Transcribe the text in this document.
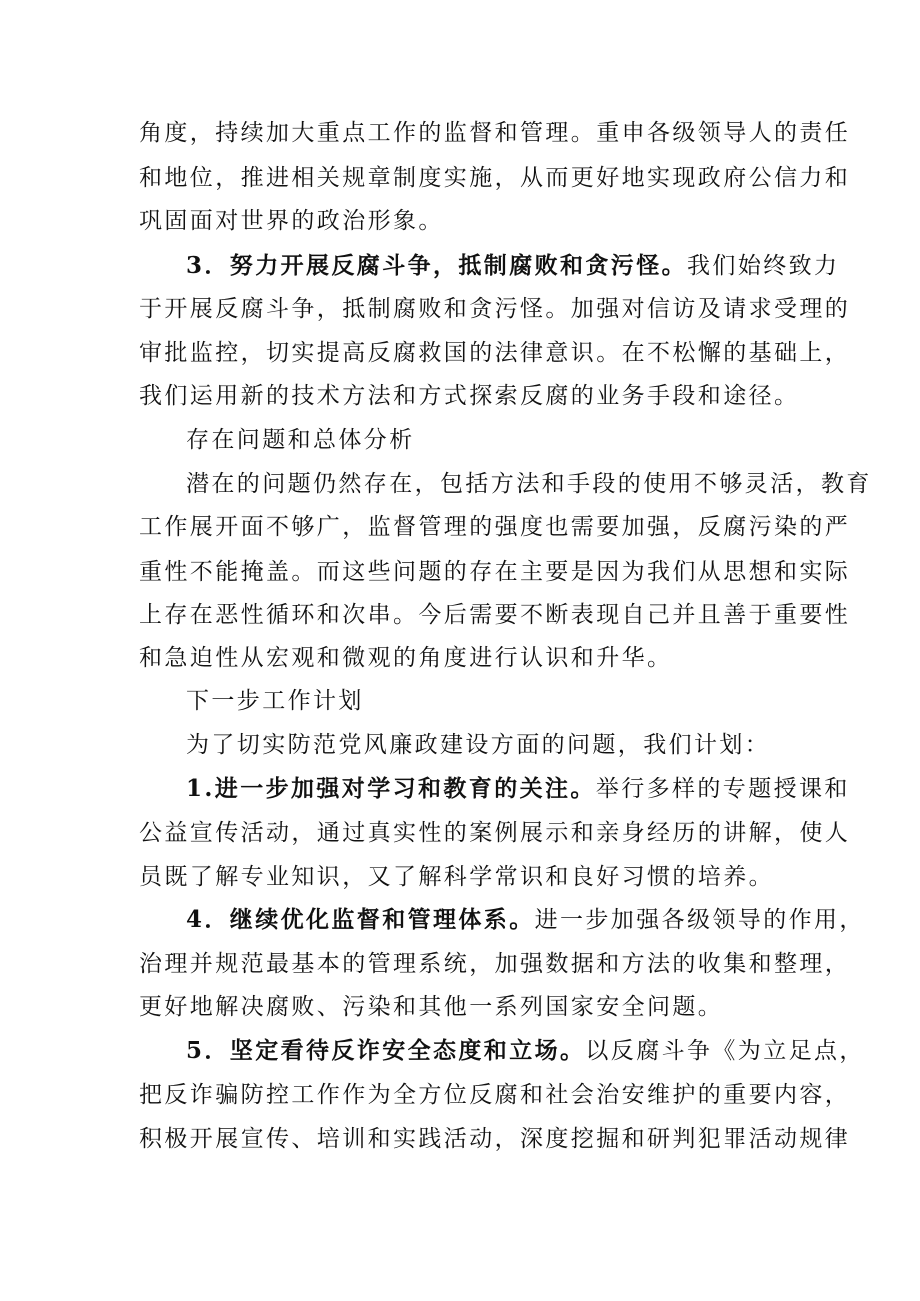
角度，持续加大重点工作的监督和管理。重申各级领导人的责任
和地位，推进相关规章制度实施，从而更好地实现政府公信力和
巩固面对世界的政治形象。
3．努力开展反腐斗争，抵制腐败和贪污怪。我们始终致力
于开展反腐斗争，抵制腐败和贪污怪。加强对信访及请求受理的
审批监控，切实提高反腐救国的法律意识。在不松懈的基础上，
我们运用新的技术方法和方式探索反腐的业务手段和途径。
存在问题和总体分析
潜在的问题仍然存在，包括方法和手段的使用不够灵活，教育
工作展开面不够广，监督管理的强度也需要加强，反腐污染的严
重性不能掩盖。而这些问题的存在主要是因为我们从思想和实际
上存在恶性循环和次串。今后需要不断表现自己并且善于重要性
和急迫性从宏观和微观的角度进行认识和升华。
下一步工作计划
为了切实防范党风廉政建设方面的问题，我们计划：
1.进一步加强对学习和教育的关注。举行多样的专题授课和
公益宣传活动，通过真实性的案例展示和亲身经历的讲解，使人
员既了解专业知识，又了解科学常识和良好习惯的培养。
4．继续优化监督和管理体系。进一步加强各级领导的作用，
治理并规范最基本的管理系统，加强数据和方法的收集和整理，
更好地解决腐败、污染和其他一系列国家安全问题。
5．坚定看待反诈安全态度和立场。以反腐斗争《为立足点，
把反诈骗防控工作作为全方位反腐和社会治安维护的重要内容，
积极开展宣传、培训和实践活动，深度挖掘和研判犯罪活动规律
